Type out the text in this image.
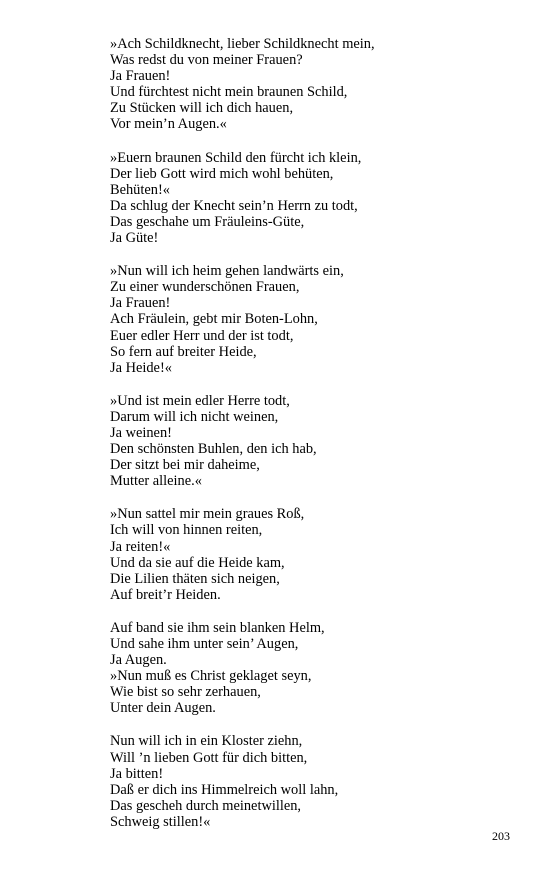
»Ach Schildknecht, lieber Schildknecht mein,
Was redst du von meiner Frauen?
Ja Frauen!
Und fürchtest nicht mein braunen Schild,
Zu Stücken will ich dich hauen,
Vor mein’n Augen.«
»Euern braunen Schild den fürcht ich klein,
Der lieb Gott wird mich wohl behüten,
Behüten!«
Da schlug der Knecht sein’n Herrn zu todt,
Das geschahe um Fräuleins-Güte,
Ja Güte!
»Nun will ich heim gehen landwärts ein,
Zu einer wunderschönen Frauen,
Ja Frauen!
Ach Fräulein, gebt mir Boten-Lohn,
Euer edler Herr und der ist todt,
So fern auf breiter Heide,
Ja Heide!«
»Und ist mein edler Herre todt,
Darum will ich nicht weinen,
Ja weinen!
Den schönsten Buhlen, den ich hab,
Der sitzt bei mir daheime,
Mutter alleine.«
»Nun sattel mir mein graues Roß,
Ich will von hinnen reiten,
Ja reiten!«
Und da sie auf die Heide kam,
Die Lilien thäten sich neigen,
Auf breit’r Heiden.
Auf band sie ihm sein blanken Helm,
Und sahe ihm unter sein’ Augen,
Ja Augen.
»Nun muß es Christ geklaget seyn,
Wie bist so sehr zerhauen,
Unter dein Augen.
Nun will ich in ein Kloster ziehn,
Will ’n lieben Gott für dich bitten,
Ja bitten!
Daß er dich ins Himmelreich woll lahn,
Das gescheh durch meinetwillen,
Schweig stillen!«
203
